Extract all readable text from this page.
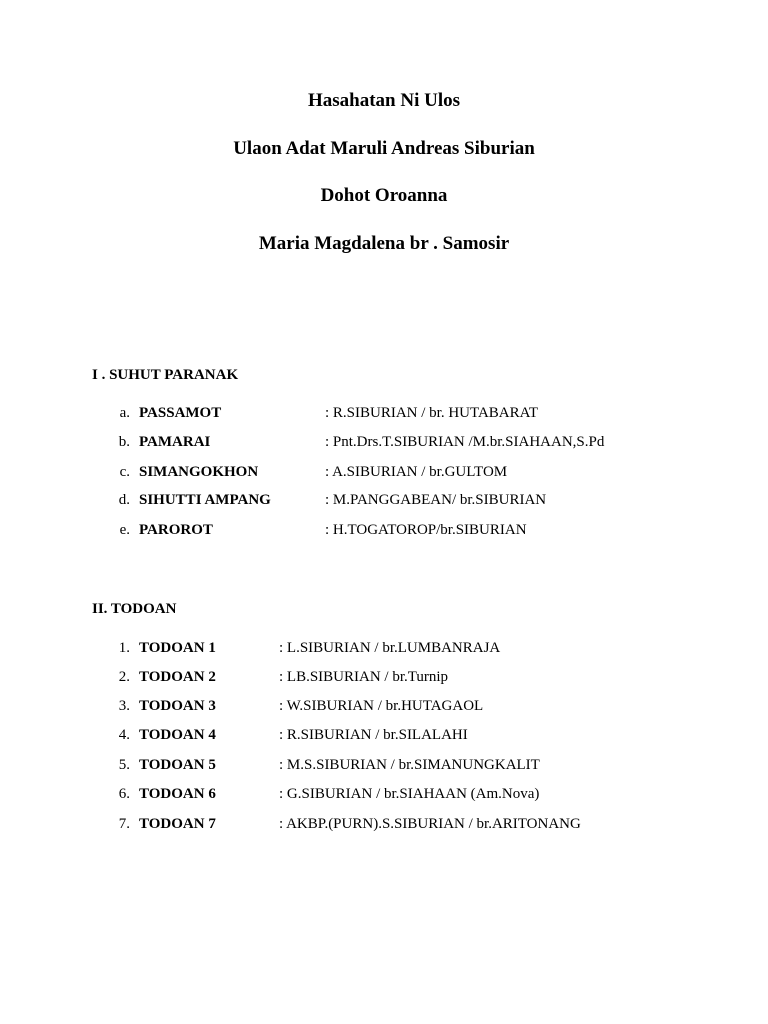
Hasahatan Ni Ulos
Ulaon Adat Maruli Andreas Siburian
Dohot Oroanna
Maria Magdalena br . Samosir
I . SUHUT PARANAK
a. PASSAMOT	: R.SIBURIAN / br. HUTABARAT
b. PAMARAI	: Pnt.Drs.T.SIBURIAN /M.br.SIAHAAN,S.Pd
c. SIMANGOKHON	: A.SIBURIAN / br.GULTOM
d. SIHUTTI AMPANG	: M.PANGGABEAN/ br.SIBURIAN
e. PAROROT	: H.TOGATOROP/br.SIBURIAN
II. TODOAN
1. TODOAN 1	: L.SIBURIAN / br.LUMBANRAJA
2. TODOAN 2	: LB.SIBURIAN / br.Turnip
3. TODOAN 3	: W.SIBURIAN / br.HUTAGAOL
4. TODOAN 4	: R.SIBURIAN / br.SILALAHI
5. TODOAN 5	: M.S.SIBURIAN / br.SIMANUNGKALIT
6. TODOAN 6	: G.SIBURIAN / br.SIAHAAN (Am.Nova)
7. TODOAN 7	: AKBP.(PURN).S.SIBURIAN / br.ARITONANG
